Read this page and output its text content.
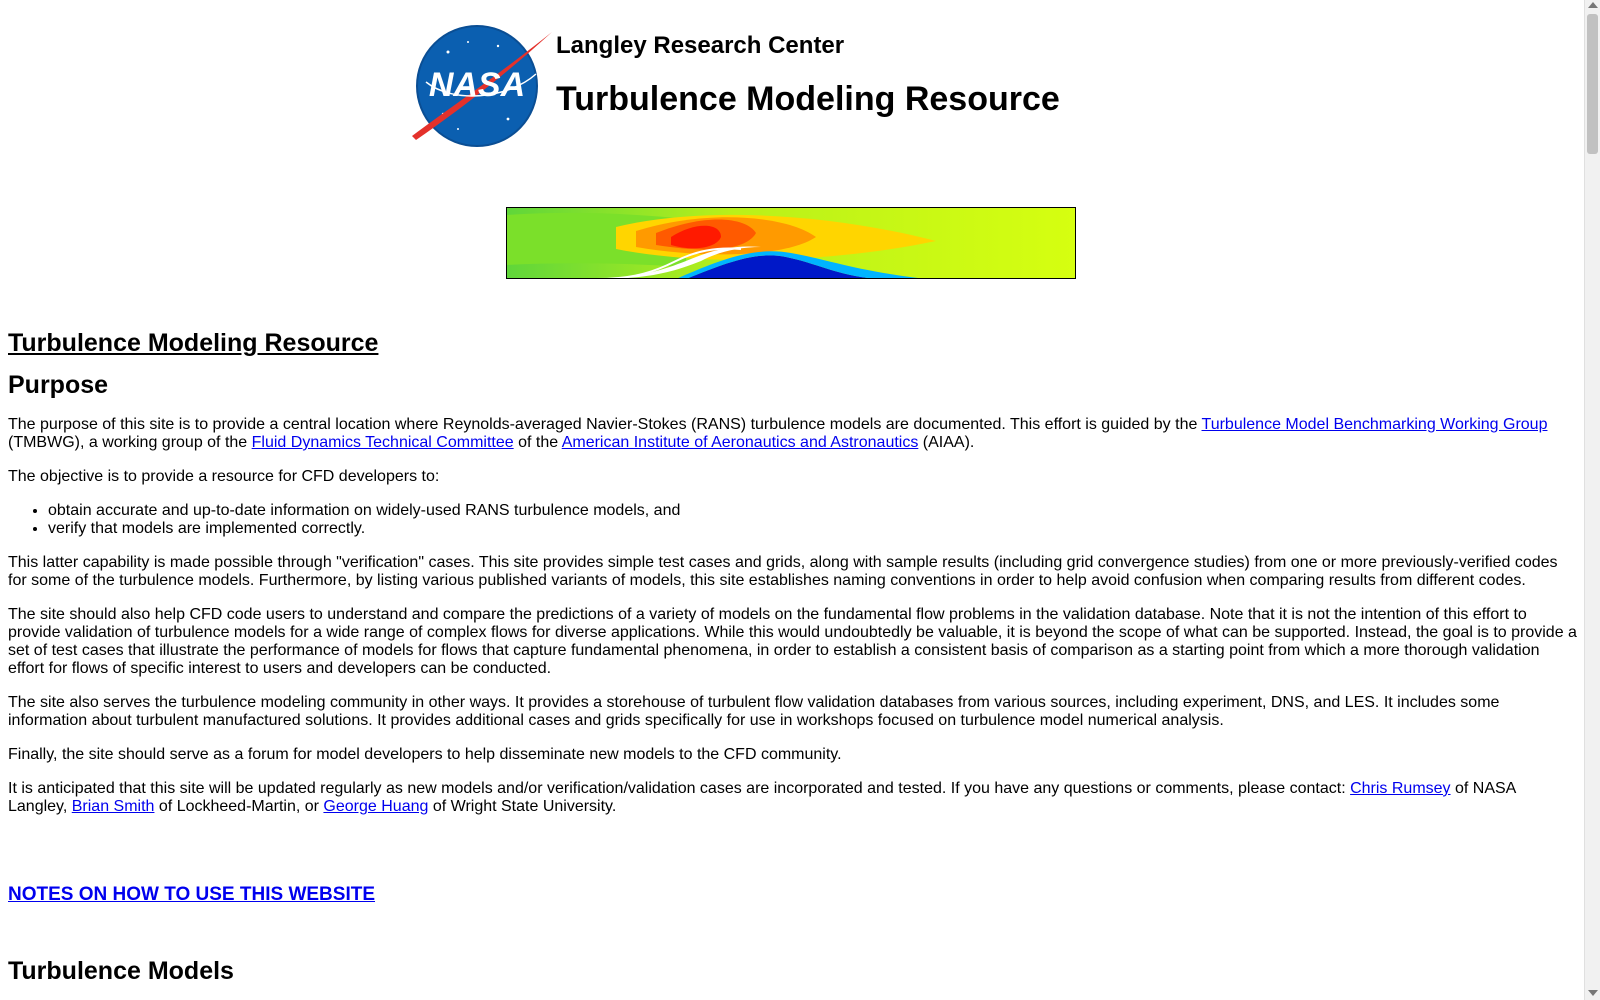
NASA
Langley Research Center
Turbulence Modeling Resource
Turbulence Modeling Resource
Purpose

The purpose of this site is to provide a central location where Reynolds-averaged Navier-Stokes (RANS) turbulence models are documented. This effort is guided by the Turbulence Model Benchmarking Working Group (TMBWG), a working group of the Fluid Dynamics Technical Committee of the American Institute of Aeronautics and Astronautics (AIAA).

The objective is to provide a resource for CFD developers to:

• obtain accurate and up-to-date information on widely-used RANS turbulence models, and
• verify that models are implemented correctly.

This latter capability is made possible through "verification" cases. This site provides simple test cases and grids, along with sample results (including grid convergence studies) from one or more previously-verified codes for some of the turbulence models. Furthermore, by listing various published variants of models, this site establishes naming conventions in order to help avoid confusion when comparing results from different codes.

The site should also help CFD code users to understand and compare the predictions of a variety of models on the fundamental flow problems in the validation database. Note that it is not the intention of this effort to provide validation of turbulence models for a wide range of complex flows for diverse applications. While this would undoubtedly be valuable, it is beyond the scope of what can be supported. Instead, the goal is to provide a set of test cases that illustrate the performance of models for flows that capture fundamental phenomena, in order to establish a consistent basis of comparison as a starting point from which a more thorough validation effort for flows of specific interest to users and developers can be conducted.

The site also serves the turbulence modeling community in other ways. It provides a storehouse of turbulent flow validation databases from various sources, including experiment, DNS, and LES. It includes some information about turbulent manufactured solutions. It provides additional cases and grids specifically for use in workshops focused on turbulence model numerical analysis.

Finally, the site should serve as a forum for model developers to help disseminate new models to the CFD community.

It is anticipated that this site will be updated regularly as new models and/or verification/validation cases are incorporated and tested. If you have any questions or comments, please contact: Chris Rumsey of NASA Langley, Brian Smith of Lockheed-Martin, or George Huang of Wright State University.

NOTES ON HOW TO USE THIS WEBSITE
Turbulence Models
